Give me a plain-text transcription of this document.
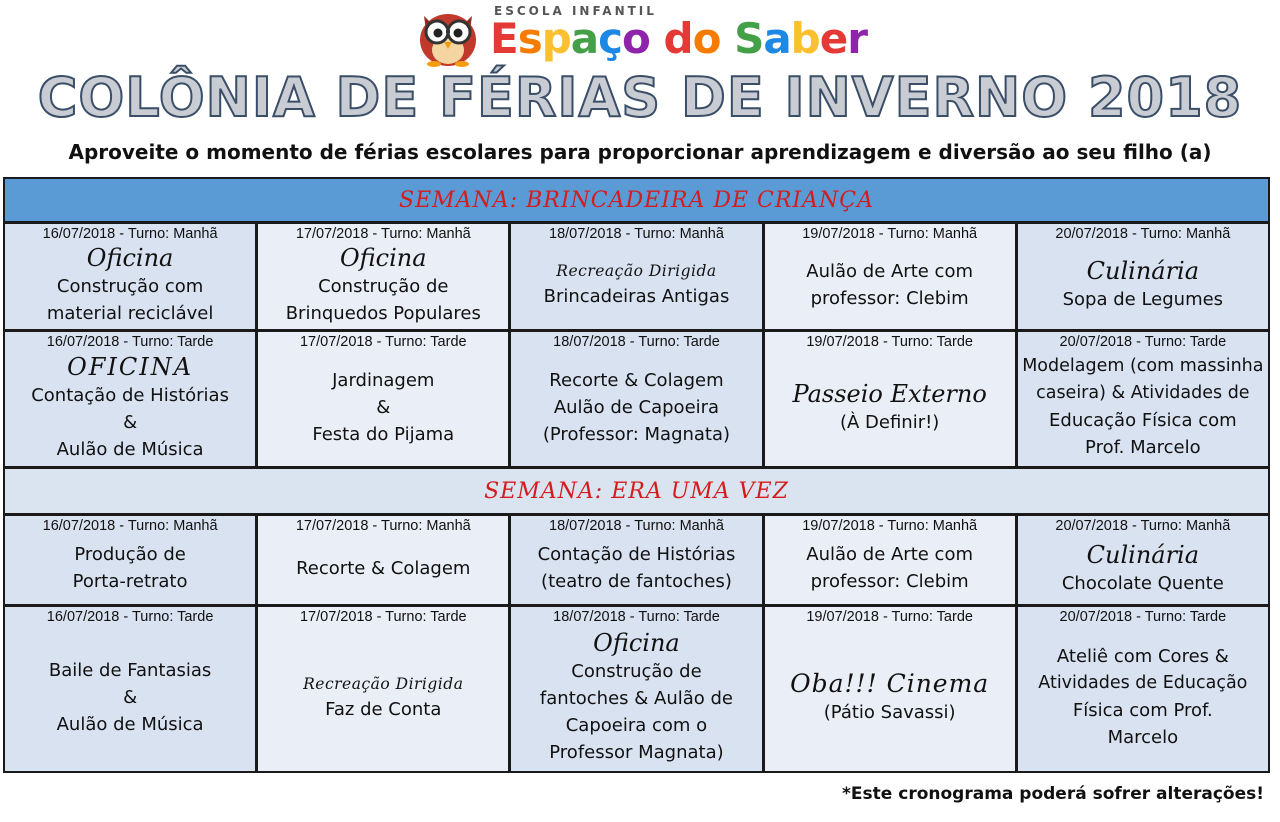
ESCOLA INFANTIL
Espaço do Saber
COLÔNIA DE FÉRIAS DE INVERNO 2018
Aproveite o momento de férias escolares para proporcionar aprendizagem e diversão ao seu filho (a)
SEMANA: BRINCADEIRA DE CRIANÇA
16/07/2018 - Turno: Manhã
Oficina
Construção com
material reciclável
17/07/2018 - Turno: Manhã
Oficina
Construção de
Brinquedos Populares
18/07/2018 - Turno: Manhã
Recreação Dirigida
Brincadeiras Antigas
19/07/2018 - Turno: Manhã
Aulão de Arte com
professor: Clebim
20/07/2018 - Turno: Manhã
Culinária
Sopa de Legumes
16/07/2018 - Turno: Tarde
OFICINA
Contação de Histórias
&
Aulão de Música
17/07/2018 - Turno: Tarde
Jardinagem
&
Festa do Pijama
18/07/2018 - Turno: Tarde
Recorte & Colagem
Aulão de Capoeira
(Professor: Magnata)
19/07/2018 - Turno: Tarde
Passeio Externo
(À Definir!)
20/07/2018 - Turno: Tarde
Modelagem (com massinha
caseira) & Atividades de
Educação Física com
Prof. Marcelo
SEMANA: ERA UMA VEZ
16/07/2018 - Turno: Manhã
Produção de
Porta-retrato
17/07/2018 - Turno: Manhã
Recorte & Colagem
18/07/2018 - Turno: Manhã
Contação de Histórias
(teatro de fantoches)
19/07/2018 - Turno: Manhã
Aulão de Arte com
professor: Clebim
20/07/2018 - Turno: Manhã
Culinária
Chocolate Quente
16/07/2018 - Turno: Tarde
Baile de Fantasias
&
Aulão de Música
17/07/2018 - Turno: Tarde
Recreação Dirigida
Faz de Conta
18/07/2018 - Turno: Tarde
Oficina
Construção de
fantoches & Aulão de
Capoeira com o
Professor Magnata)
19/07/2018 - Turno: Tarde
Oba!!! Cinema
(Pátio Savassi)
20/07/2018 - Turno: Tarde
Ateliê com Cores &
Atividades de Educação
Física com Prof.
Marcelo
*Este cronograma poderá sofrer alterações!
